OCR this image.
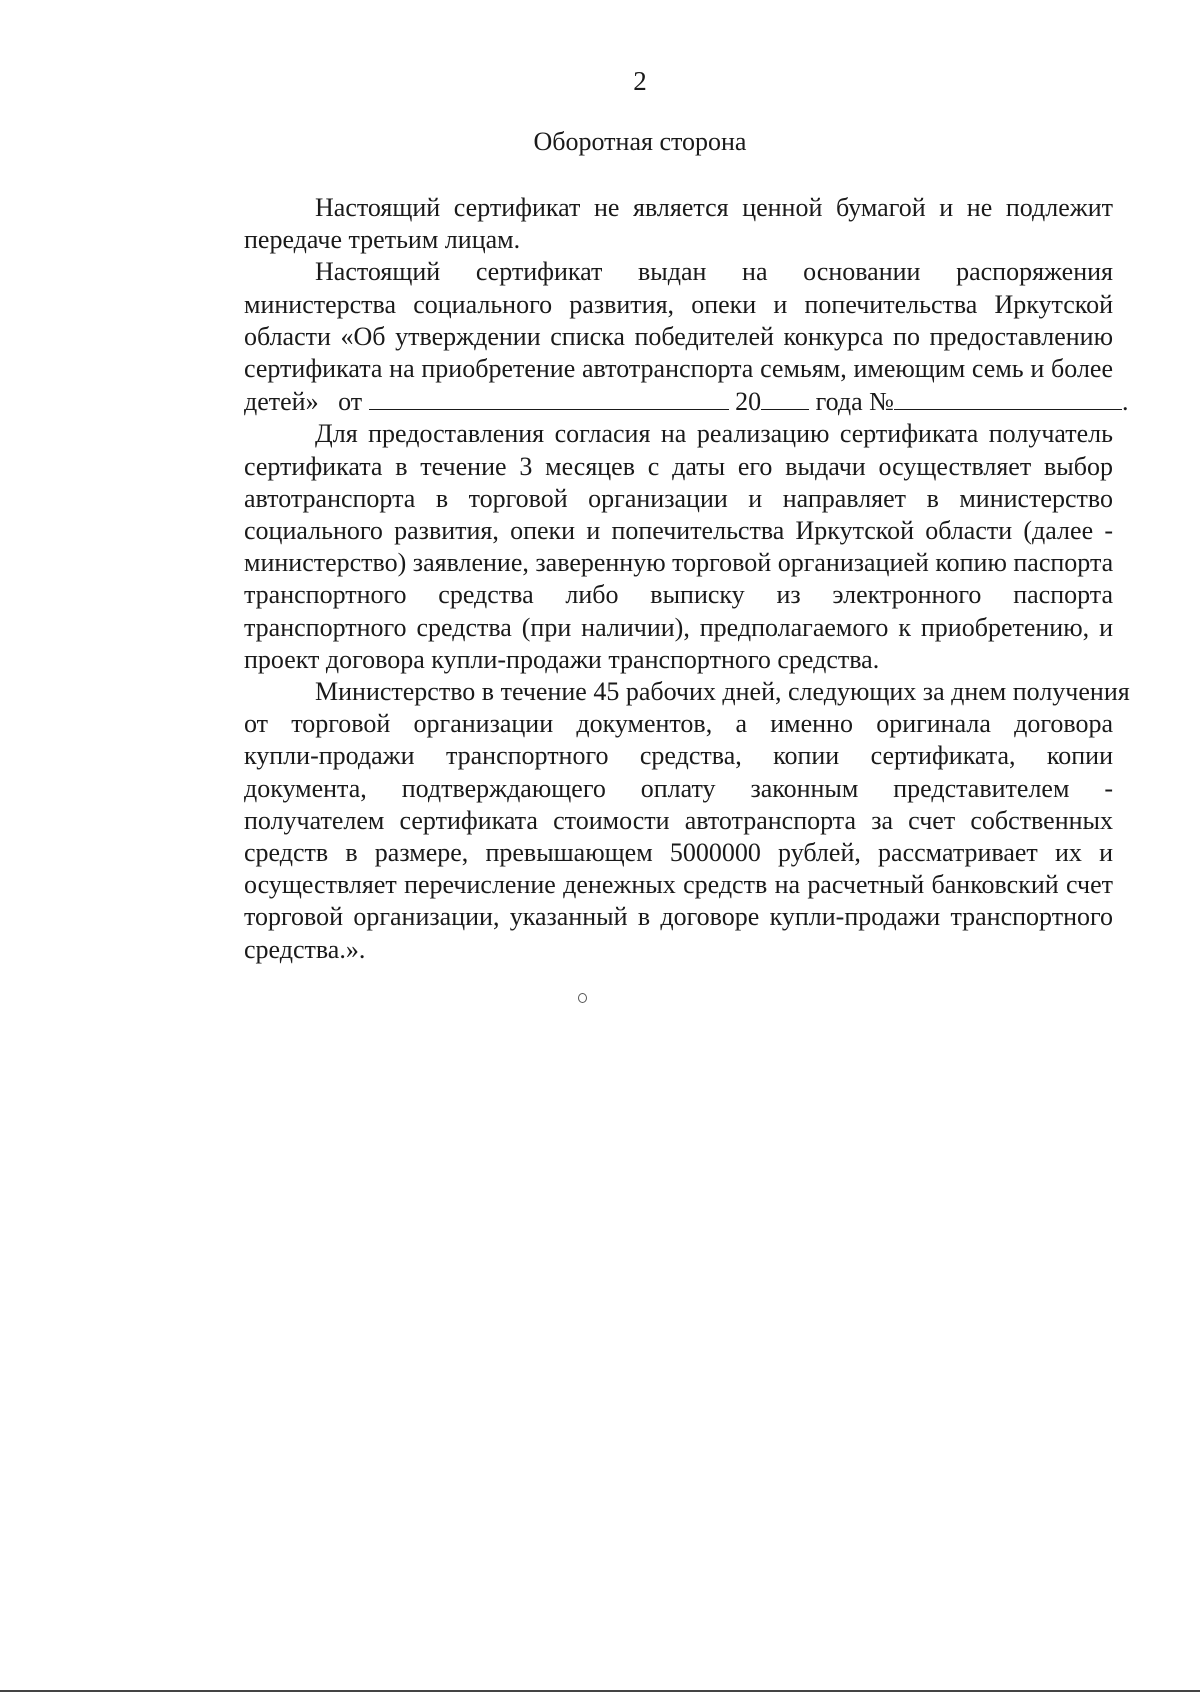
2
Оборотная сторона
Настоящий сертификат не является ценной бумагой и не подлежит
передаче третьим лицам.
Настоящий сертификат выдан на основании распоряжения
министерства социального развития, опеки и попечительства Иркутской
области «Об утверждении списка победителей конкурса по предоставлению
сертификата на приобретение автотранспорта семьям, имеющим семь и более
детей» от	20 года №	.
Для предоставления согласия на реализацию сертификата получатель
сертификата в течение 3 месяцев с даты его выдачи осуществляет выбор
автотранспорта в торговой организации и направляет в министерство
социального развития, опеки и попечительства Иркутской области (далее -
министерство) заявление, заверенную торговой организацией копию паспорта
транспортного средства либо выписку из электронного паспорта
транспортного средства (при наличии), предполагаемого к приобретению, и
проект договора купли-продажи транспортного средства.
Министерство в течение 45 рабочих дней, следующих за днем получения
от торговой организации документов, а именно оригинала договора
купли-продажи транспортного средства, копии сертификата, копии
документа, подтверждающего оплату законным представителем -
получателем сертификата стоимости автотранспорта за счет собственных
средств в размере, превышающем 5000000 рублей, рассматривает их и
осуществляет перечисление денежных средств на расчетный банковский счет
торговой организации, указанный в договоре купли-продажи транспортного
средства.».
